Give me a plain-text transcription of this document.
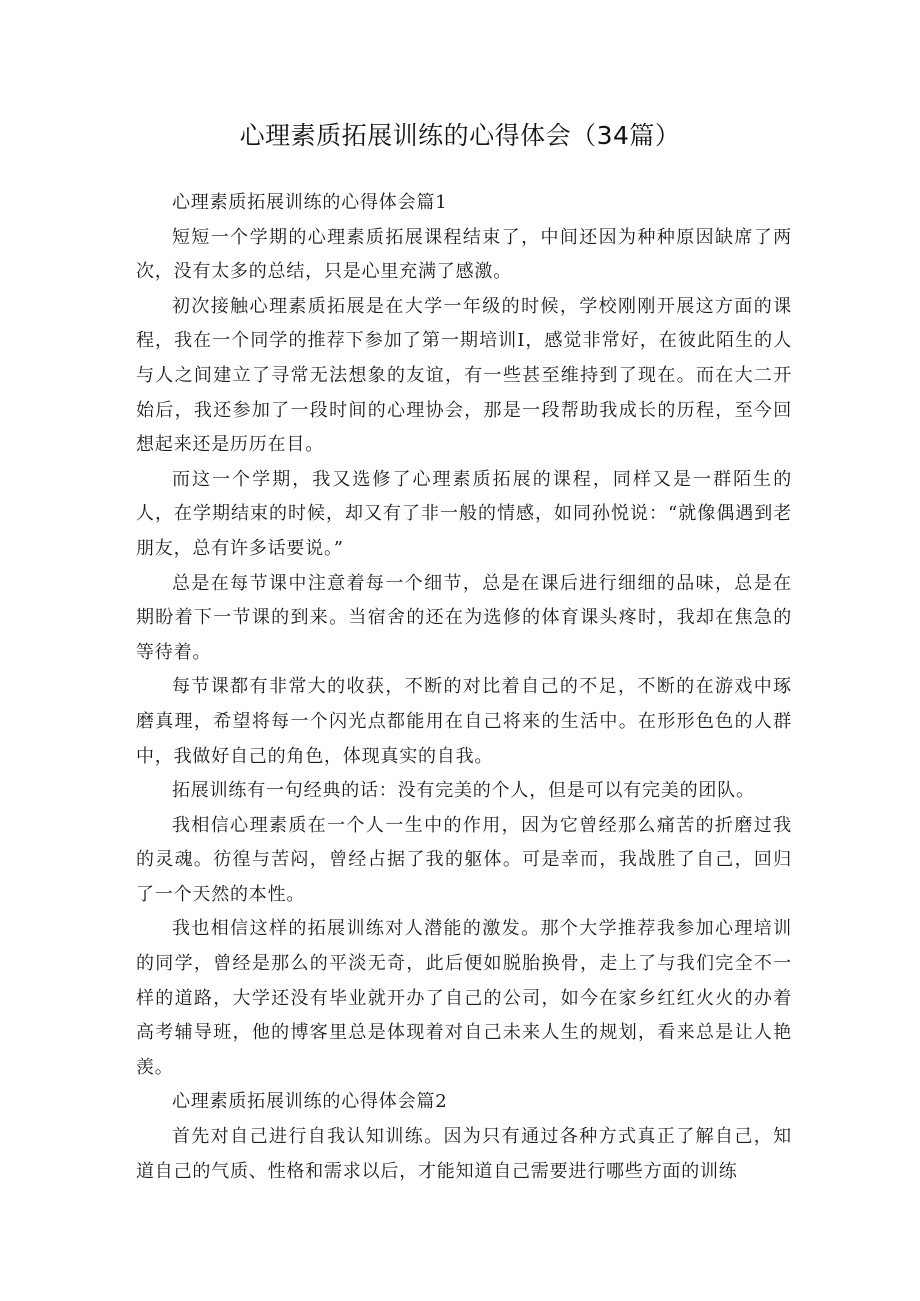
心理素质拓展训练的心得体会（34篇）

心理素质拓展训练的心得体会篇1

短短一个学期的心理素质拓展课程结束了，中间还因为种种原因缺席了两次，没有太多的总结，只是心里充满了感激。

初次接触心理素质拓展是在大学一年级的时候，学校刚刚开展这方面的课程，我在一个同学的推荐下参加了第一期培训I，感觉非常好，在彼此陌生的人与人之间建立了寻常无法想象的友谊，有一些甚至维持到了现在。而在大二开始后，我还参加了一段时间的心理协会，那是一段帮助我成长的历程，至今回想起来还是历历在目。

而这一个学期，我又选修了心理素质拓展的课程，同样又是一群陌生的人，在学期结束的时候，却又有了非一般的情感，如同孙悦说：“就像偶遇到老朋友，总有许多话要说。”

总是在每节课中注意着每一个细节，总是在课后进行细细的品味，总是在期盼着下一节课的到来。当宿舍的还在为选修的体育课头疼时，我却在焦急的等待着。

每节课都有非常大的收获，不断的对比着自己的不足，不断的在游戏中琢磨真理，希望将每一个闪光点都能用在自己将来的生活中。在形形色色的人群中，我做好自己的角色，体现真实的自我。

拓展训练有一句经典的话：没有完美的个人，但是可以有完美的团队。

我相信心理素质在一个人一生中的作用，因为它曾经那么痛苦的折磨过我的灵魂。彷徨与苦闷，曾经占据了我的躯体。可是幸而，我战胜了自己，回归了一个天然的本性。

我也相信这样的拓展训练对人潜能的激发。那个大学推荐我参加心理培训的同学，曾经是那么的平淡无奇，此后便如脱胎换骨，走上了与我们完全不一样的道路，大学还没有毕业就开办了自己的公司，如今在家乡红红火火的办着高考辅导班，他的博客里总是体现着对自己未来人生的规划，看来总是让人艳羡。

心理素质拓展训练的心得体会篇2

首先对自己进行自我认知训练。因为只有通过各种方式真正了解自己，知道自己的气质、性格和需求以后，才能知道自己需要进行哪些方面的训练
